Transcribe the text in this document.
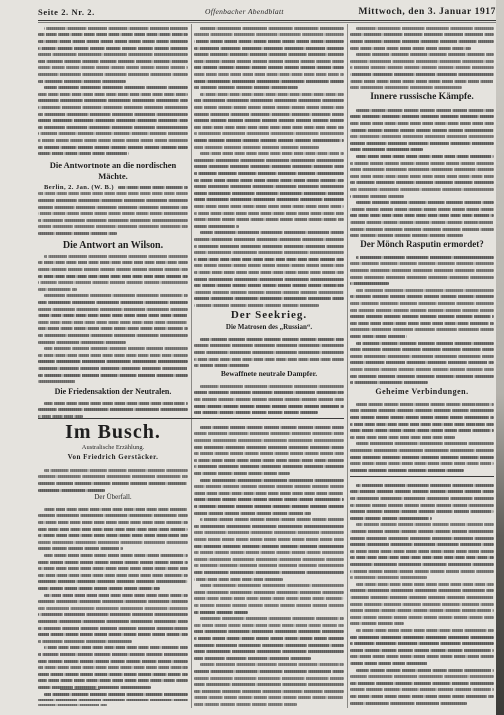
Seite 2. Nr. 2.	Offenbacher Abendblatt	Mittwoch, den 3. Januar 1917
Die Antwortnote an die nordischen
Mächte.
Berlin, 2. Jan. (W. B.)
Die Antwort an Wilson.
Die Friedensaktion der Neutralen.
Im Busch.
Australische Erzählung.
Von Friedrich Gerstäcker.
Der Überfall.
Der Seekrieg.
Die Matrosen des „Russian“.
Bewaffnete neutrale Dampfer.
Innere russische Kämpfe.
Der Mönch Rasputin ermordet?
Geheime Verbindungen.
